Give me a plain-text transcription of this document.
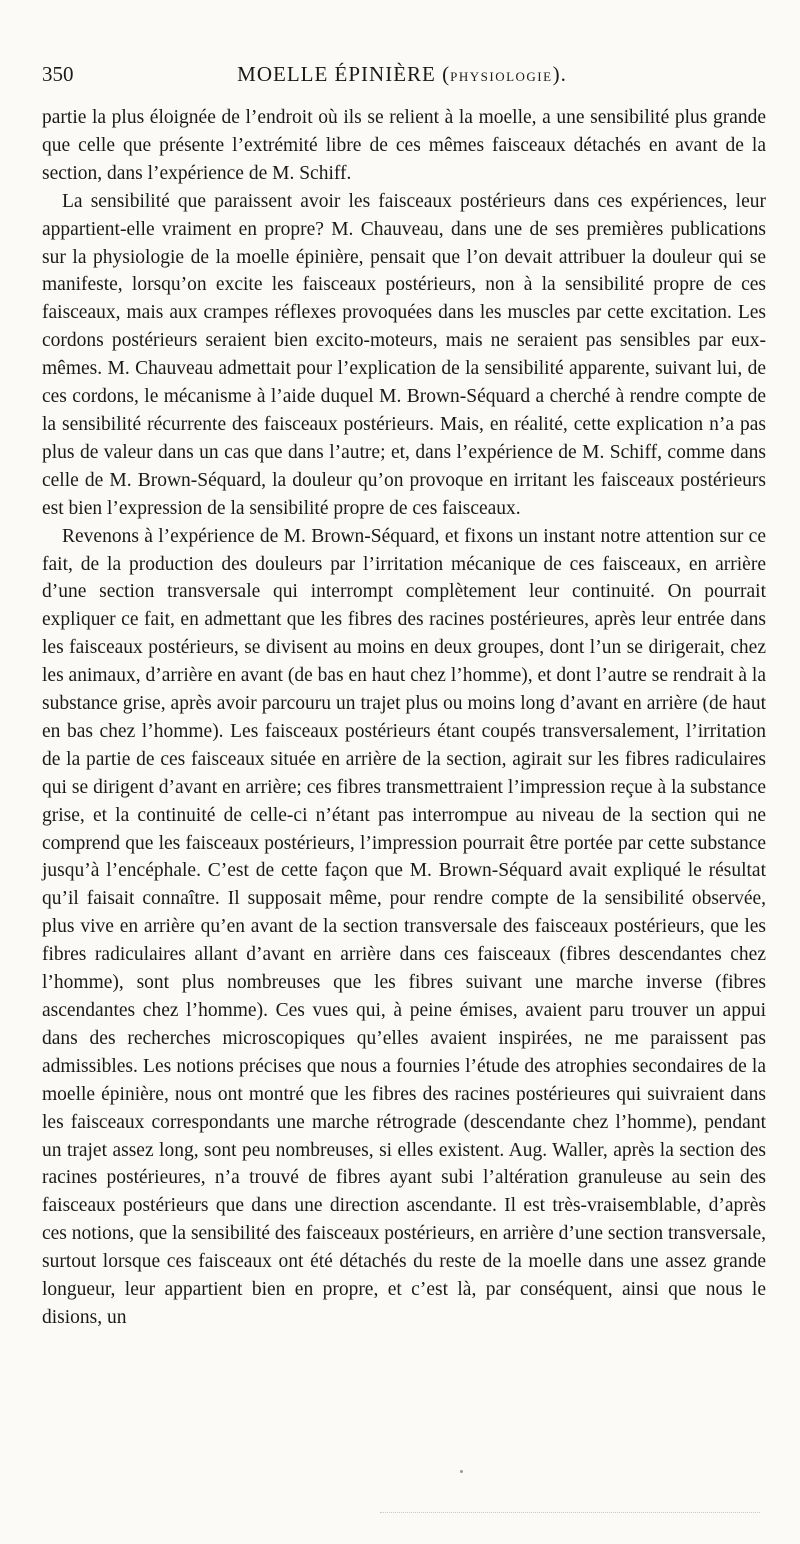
350	MOELLE ÉPINIÈRE (PHYSIOLOGIE).

partie la plus éloignée de l’endroit où ils se relient à la moelle, a une sensibilité plus grande que celle que présente l’extrémité libre de ces mêmes faisceaux détachés en avant de la section, dans l’expérience de M. Schiff.

La sensibilité que paraissent avoir les faisceaux postérieurs dans ces expériences, leur appartient-elle vraiment en propre? M. Chauveau, dans une de ses premières publications sur la physiologie de la moelle épinière, pensait que l’on devait attribuer la douleur qui se manifeste, lorsqu’on excite les faisceaux postérieurs, non à la sensibilité propre de ces faisceaux, mais aux crampes réflexes provoquées dans les muscles par cette excitation. Les cordons postérieurs seraient bien excito-moteurs, mais ne seraient pas sensibles par eux-mêmes. M. Chauveau admettait pour l’explication de la sensibilité apparente, suivant lui, de ces cordons, le mécanisme à l’aide duquel M. Brown-Séquard a cherché à rendre compte de la sensibilité récurrente des faisceaux postérieurs. Mais, en réalité, cette explication n’a pas plus de valeur dans un cas que dans l’autre; et, dans l’expérience de M. Schiff, comme dans celle de M. Brown-Séquard, la douleur qu’on provoque en irritant les faisceaux postérieurs est bien l’expression de la sensibilité propre de ces faisceaux.

Revenons à l’expérience de M. Brown-Séquard, et fixons un instant notre attention sur ce fait, de la production des douleurs par l’irritation mécanique de ces faisceaux, en arrière d’une section transversale qui interrompt complètement leur continuité. On pourrait expliquer ce fait, en admettant que les fibres des racines postérieures, après leur entrée dans les faisceaux postérieurs, se divisent au moins en deux groupes, dont l’un se dirigerait, chez les animaux, d’arrière en avant (de bas en haut chez l’homme), et dont l’autre se rendrait à la substance grise, après avoir parcouru un trajet plus ou moins long d’avant en arrière (de haut en bas chez l’homme). Les faisceaux postérieurs étant coupés transversalement, l’irritation de la partie de ces faisceaux située en arrière de la section, agirait sur les fibres radiculaires qui se dirigent d’avant en arrière; ces fibres transmettraient l’impression reçue à la substance grise, et la continuité de celle-ci n’étant pas interrompue au niveau de la section qui ne comprend que les faisceaux postérieurs, l’impression pourrait être portée par cette substance jusqu’à l’encéphale. C’est de cette façon que M. Brown-Séquard avait expliqué le résultat qu’il faisait connaître. Il supposait même, pour rendre compte de la sensibilité observée, plus vive en arrière qu’en avant de la section transversale des faisceaux postérieurs, que les fibres radiculaires allant d’avant en arrière dans ces faisceaux (fibres descendantes chez l’homme), sont plus nombreuses que les fibres suivant une marche inverse (fibres ascendantes chez l’homme). Ces vues qui, à peine émises, avaient paru trouver un appui dans des recherches microscopiques qu’elles avaient inspirées, ne me paraissent pas admissibles. Les notions précises que nous a fournies l’étude des atrophies secondaires de la moelle épinière, nous ont montré que les fibres des racines postérieures qui suivraient dans les faisceaux correspondants une marche rétrograde (descendante chez l’homme), pendant un trajet assez long, sont peu nombreuses, si elles existent. Aug. Waller, après la section des racines postérieures, n’a trouvé de fibres ayant subi l’altération granuleuse au sein des faisceaux postérieurs que dans une direction ascendante. Il est très-vraisemblable, d’après ces notions, que la sensibilité des faisceaux postérieurs, en arrière d’une section transversale, surtout lorsque ces faisceaux ont été détachés du reste de la moelle dans une assez grande longueur, leur appartient bien en propre, et c’est là, par conséquent, ainsi que nous le disions, un
